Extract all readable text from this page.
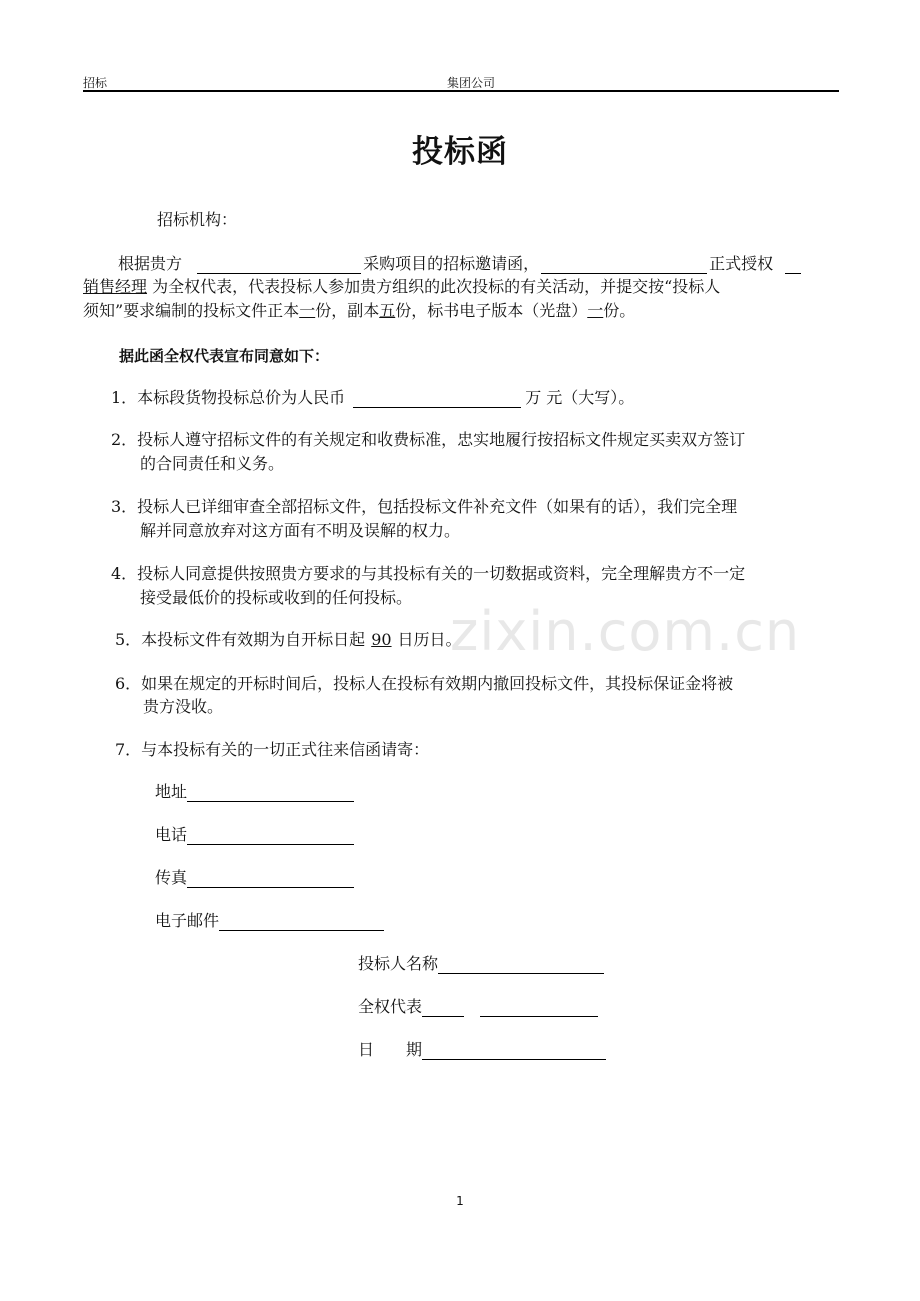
招标	集团公司
投标函
招标机构：
根据贵方	采购项目的招标邀请函，	正式授权
销售经理 为全权代表，代表投标人参加贵方组织的此次投标的有关活动，并提交按“投标人
须知”要求编制的投标文件正本一份，副本五份，标书电子版本（光盘）一份。
据此函全权代表宣布同意如下：
1．本标段货物投标总价为人民币	万 元（大写）。
2．投标人遵守招标文件的有关规定和收费标准，忠实地履行按招标文件规定买卖双方签订
的合同责任和义务。
3．投标人已详细审查全部招标文件，包括投标文件补充文件（如果有的话），我们完全理
解并同意放弃对这方面有不明及误解的权力。
4．投标人同意提供按照贵方要求的与其投标有关的一切数据或资料，完全理解贵方不一定
接受最低价的投标或收到的任何投标。
5．本投标文件有效期为自开标日起 90 日历日。
6．如果在规定的开标时间后，投标人在投标有效期内撤回投标文件，其投标保证金将被
贵方没收。
7．与本投标有关的一切正式往来信函请寄：
地址
电话
传真
电子邮件
投标人名称
全权代表
日　　期
zixin.com.cn
1
